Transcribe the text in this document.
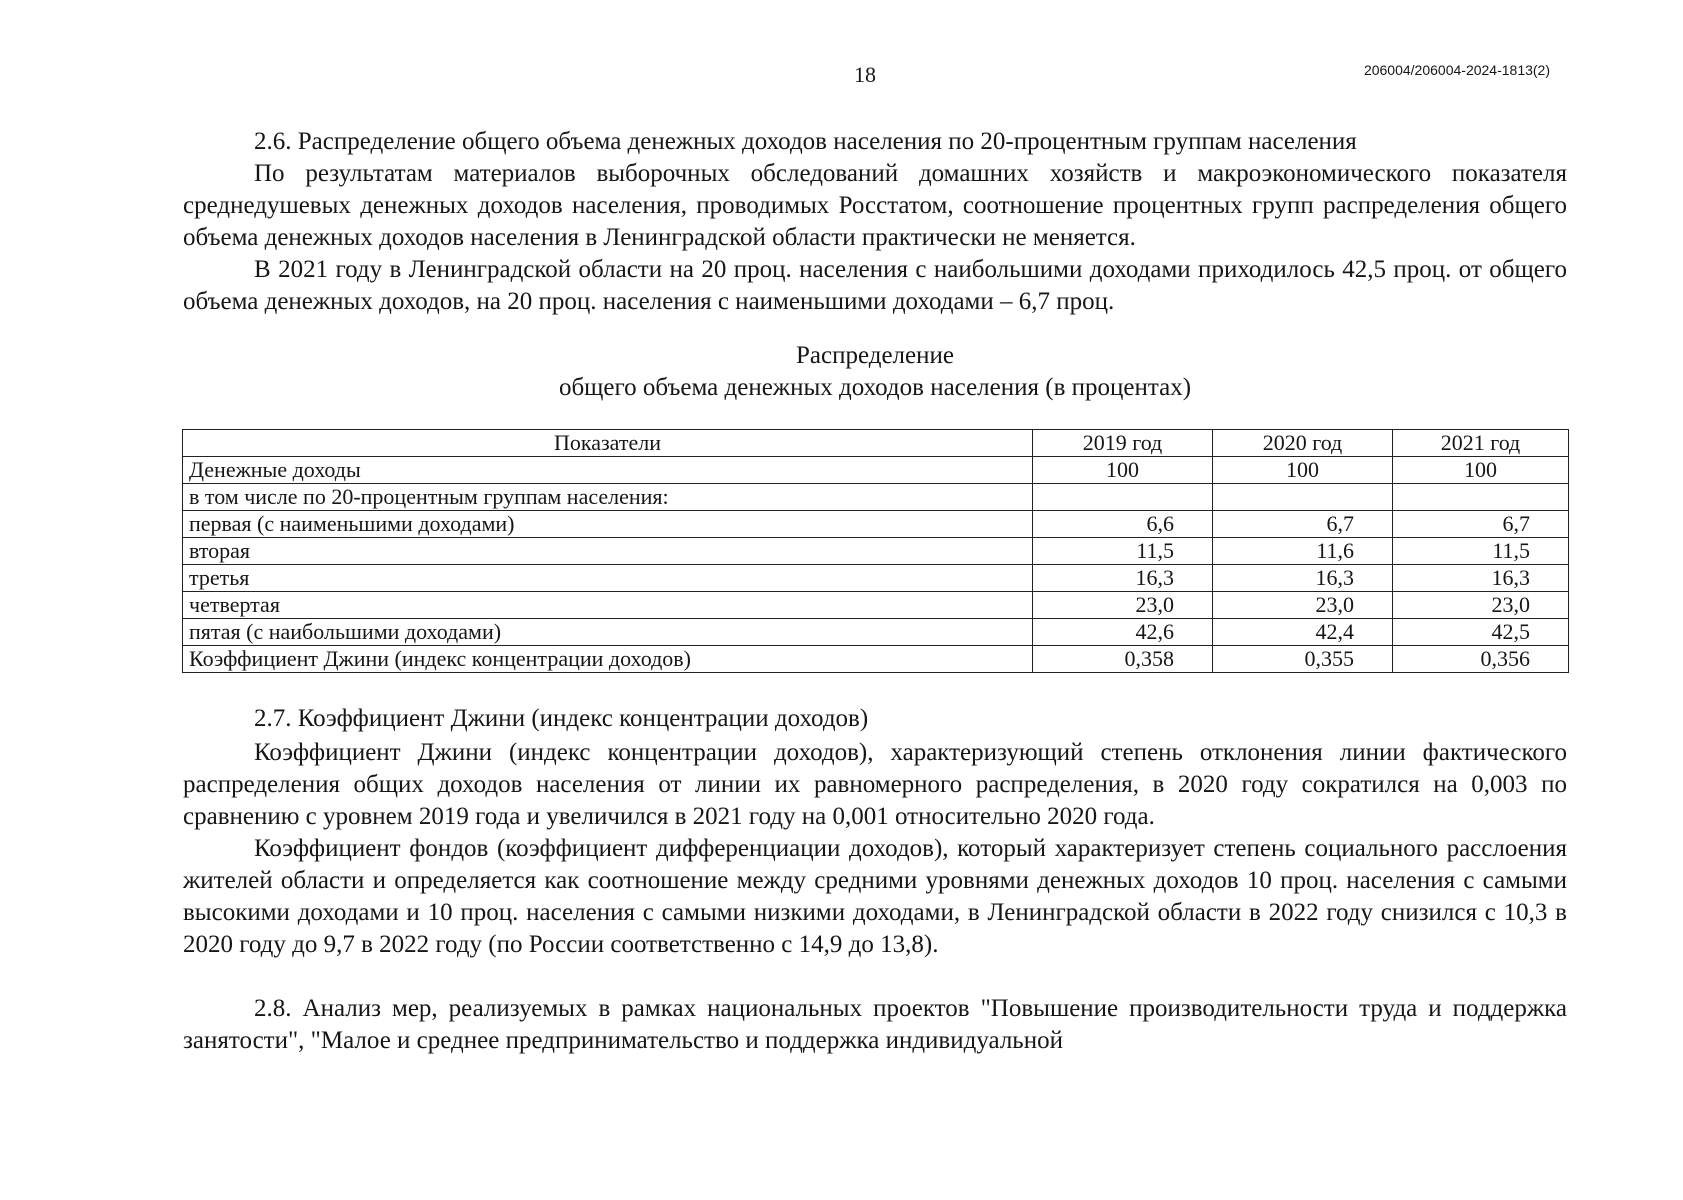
18	206004/206004-2024-1813(2)
2.6. Распределение общего объема денежных доходов населения по 20-процентным группам населения

По результатам материалов выборочных обследований домашних хозяйств и макроэкономического показателя среднедушевых денежных доходов населения, проводимых Росстатом, соотношение процентных групп распределения общего объема денежных доходов населения в Ленинградской области практически не меняется.

В 2021 году в Ленинградской области на 20 проц. населения с наибольшими доходами приходилось 42,5 проц. от общего объема денежных доходов, на 20 проц. населения с наименьшими доходами – 6,7 проц.

Распределение
общего объема денежных доходов населения (в процентах)
Показатели	2019 год	2020 год	2021 год
Денежные доходы	100	100	100
в том числе по 20-процентным группам населения:			
первая (с наименьшими доходами)	6,6	6,7	6,7
вторая	11,5	11,6	11,5
третья	16,3	16,3	16,3
четвертая	23,0	23,0	23,0
пятая (с наибольшими доходами)	42,6	42,4	42,5
Коэффициент Джини (индекс концентрации доходов)	0,358	0,355	0,356
2.7. Коэффициент Джини (индекс концентрации доходов)

Коэффициент Джини (индекс концентрации доходов), характеризующий степень отклонения линии фактического распределения общих доходов населения от линии их равномерного распределения, в 2020 году сократился на 0,003 по сравнению с уровнем 2019 года и увеличился в 2021 году на 0,001 относительно 2020 года.

Коэффициент фондов (коэффициент дифференциации доходов), который характеризует степень социального расслоения жителей области и определяется как соотношение между средними уровнями денежных доходов 10 проц. населения с самыми высокими доходами и 10 проц. населения с самыми низкими доходами, в Ленинградской области в 2022 году снизился с 10,3 в 2020 году до 9,7 в 2022 году (по России соответственно с 14,9 до 13,8).

2.8. Анализ мер, реализуемых в рамках национальных проектов "Повышение производительности труда и поддержка занятости", "Малое и среднее предпринимательство и поддержка индивидуальной
